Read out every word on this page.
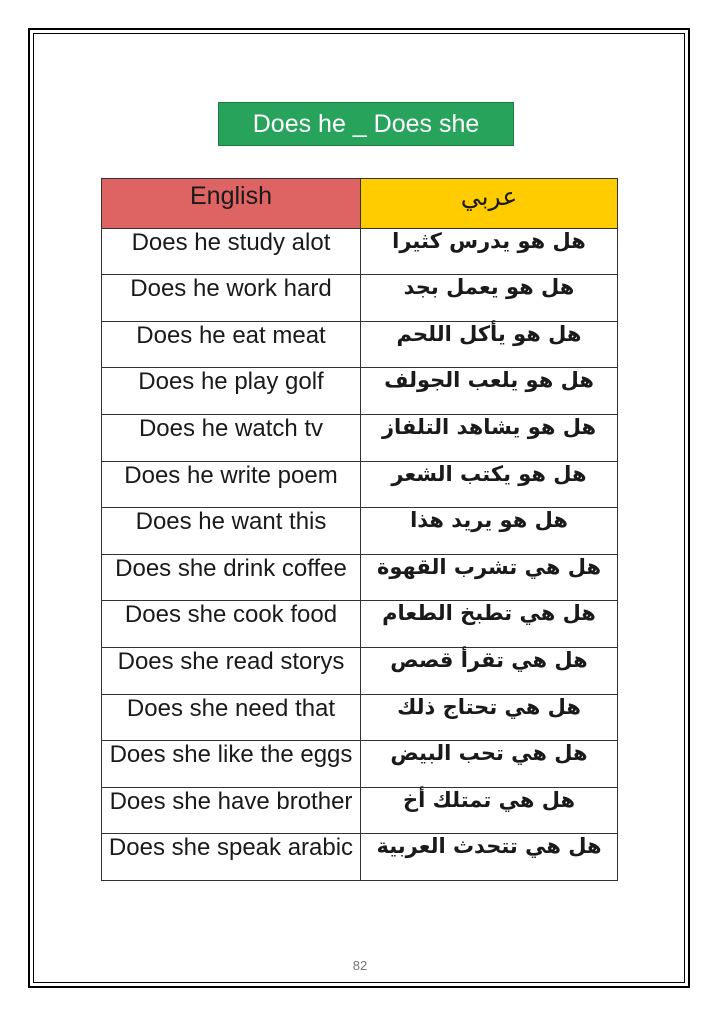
Does he _ Does she
English	عربي
Does he study alot	هل هو يدرس كثيرا
Does he work hard	هل هو يعمل بجد
Does he eat meat	هل هو يأكل اللحم
Does he play golf	هل هو يلعب الجولف
Does he watch tv	هل هو يشاهد التلفاز
Does he write poem	هل هو يكتب الشعر
Does he want this	هل هو يريد هذا
Does she drink coffee	هل هي تشرب القهوة
Does she cook food	هل هي تطبخ الطعام
Does she read storys	هل هي تقرأ قصص
Does she need that	هل هي تحتاج ذلك
Does she like the eggs	هل هي تحب البيض
Does she have brother	هل هي تمتلك أخ
Does she speak arabic	هل هي تتحدث العربية
82
